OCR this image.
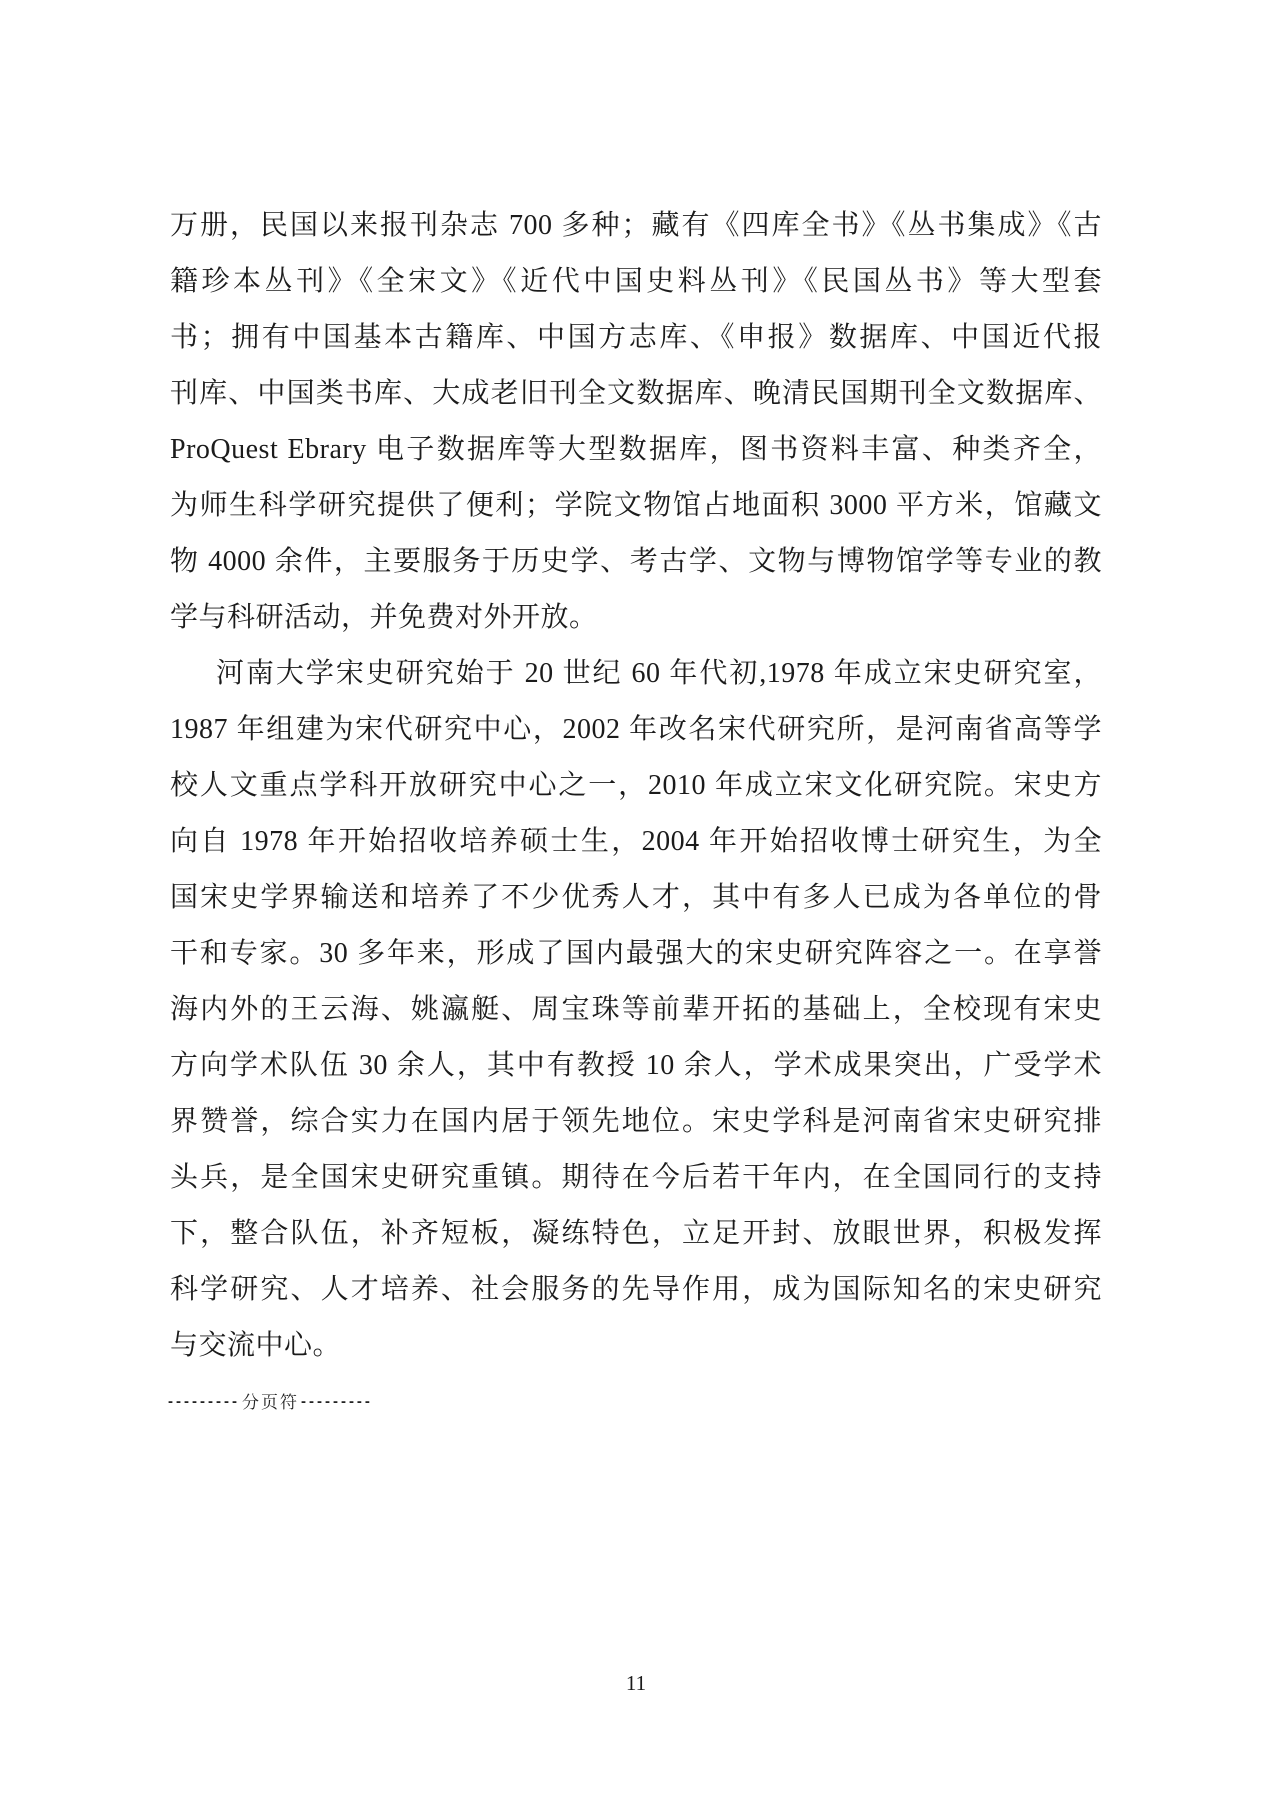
万册，民国以来报刊杂志 700 多种；藏有《四库全书》《丛书集成》《古
籍珍本丛刊》《全宋文》《近代中国史料丛刊》《民国丛书》等大型套
书；拥有中国基本古籍库、中国方志库、《申报》数据库、中国近代报
刊库、中国类书库、大成老旧刊全文数据库、晚清民国期刊全文数据库、
ProQuest Ebrary 电子数据库等大型数据库，图书资料丰富、种类齐全，
为师生科学研究提供了便利；学院文物馆占地面积 3000 平方米，馆藏文
物 4000 余件，主要服务于历史学、考古学、文物与博物馆学等专业的教
学与科研活动，并免费对外开放。
河南大学宋史研究始于 20 世纪 60 年代初,1978 年成立宋史研究室，
1987 年组建为宋代研究中心，2002 年改名宋代研究所，是河南省高等学
校人文重点学科开放研究中心之一，2010 年成立宋文化研究院。宋史方
向自 1978 年开始招收培养硕士生，2004 年开始招收博士研究生，为全
国宋史学界输送和培养了不少优秀人才，其中有多人已成为各单位的骨
干和专家。30 多年来，形成了国内最强大的宋史研究阵容之一。在享誉
海内外的王云海、姚瀛艇、周宝珠等前辈开拓的基础上，全校现有宋史
方向学术队伍 30 余人，其中有教授 10 余人，学术成果突出，广受学术
界赞誉，综合实力在国内居于领先地位。宋史学科是河南省宋史研究排
头兵，是全国宋史研究重镇。期待在今后若干年内，在全国同行的支持
下，整合队伍，补齐短板，凝练特色，立足开封、放眼世界，积极发挥
科学研究、人才培养、社会服务的先导作用，成为国际知名的宋史研究
与交流中心。
--------- 分页符 ---------
11
